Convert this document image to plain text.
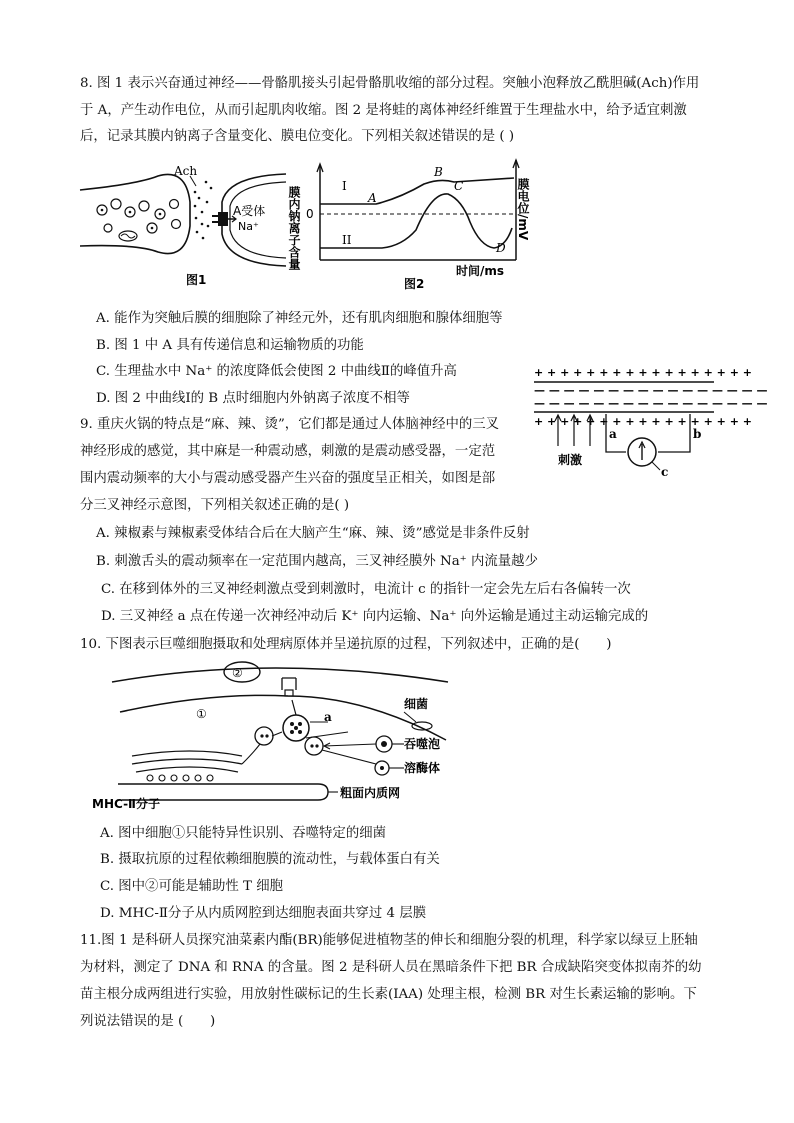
8. 图 1 表示兴奋通过神经——骨骼肌接头引起骨骼肌收缩的部分过程。突触小泡释放乙酰胆碱(Ach)作用
于 A，产生动作电位，从而引起肌肉收缩。图 2 是将蛙的离体神经纤维置于生理盐水中，给予适宜刺激
后，记录其膜内钠离子含量变化、膜电位变化。下列相关叙述错误的是 ( )
Ach
A受体
Na⁺
图1
膜内钠离子含量	膜电位/mV
0
I
II
A
B
C
D
时间/ms
图2
A. 能作为突触后膜的细胞除了神经元外，还有肌肉细胞和腺体细胞等
B. 图 1 中 A 具有传递信息和运输物质的功能
C. 生理盐水中 Na⁺ 的浓度降低会使图 2 中曲线Ⅱ的峰值升高
D. 图 2 中曲线Ⅰ的 B 点时细胞内外钠离子浓度不相等
9. 重庆火锅的特点是“麻、辣、烫”，它们都是通过人体脑神经中的三叉
神经形成的感觉，其中麻是一种震动感，刺激的是震动感受器，一定范
围内震动频率的大小与震动感受器产生兴奋的强度呈正相关，如图是部
分三叉神经示意图，下列相关叙述正确的是( )
+ + + + + + + + + + + + + + + + +
— — — — — — — — — — — — — — — —
— — — — — — — — — — — — — — — —
+ + + + + + + + + + + + + + + + +
刺激
a	b
c
A. 辣椒素与辣椒素受体结合后在大脑产生“麻、辣、烫”感觉是非条件反射
B. 刺激舌头的震动频率在一定范围内越高，三叉神经膜外 Na⁺ 内流量越少
C. 在移到体外的三叉神经刺激点受到刺激时，电流计 c 的指针一定会先左后右各偏转一次
D. 三叉神经 a 点在传递一次神经冲动后 K⁺ 向内运输、Na⁺ 向外运输是通过主动运输完成的
10. 下图表示巨噬细胞摄取和处理病原体并呈递抗原的过程，下列叙述中，正确的是(　　)
②
①	a
吞噬泡
溶酶体
细菌
粗面内质网
MHC-Ⅱ分子
A. 图中细胞①只能特异性识别、吞噬特定的细菌
B. 摄取抗原的过程依赖细胞膜的流动性，与载体蛋白有关
C. 图中②可能是辅助性 T 细胞
D. MHC-Ⅱ分子从内质网腔到达细胞表面共穿过 4 层膜
11.图 1 是科研人员探究油菜素内酯(BR)能够促进植物茎的伸长和细胞分裂的机理，科学家以绿豆上胚轴
为材料，测定了 DNA 和 RNA 的含量。图 2 是科研人员在黑暗条件下把 BR 合成缺陷突变体拟南芥的幼
苗主根分成两组进行实验，用放射性碳标记的生长素(IAA) 处理主根，检测 BR 对生长素运输的影响。下
列说法错误的是 (　　)
